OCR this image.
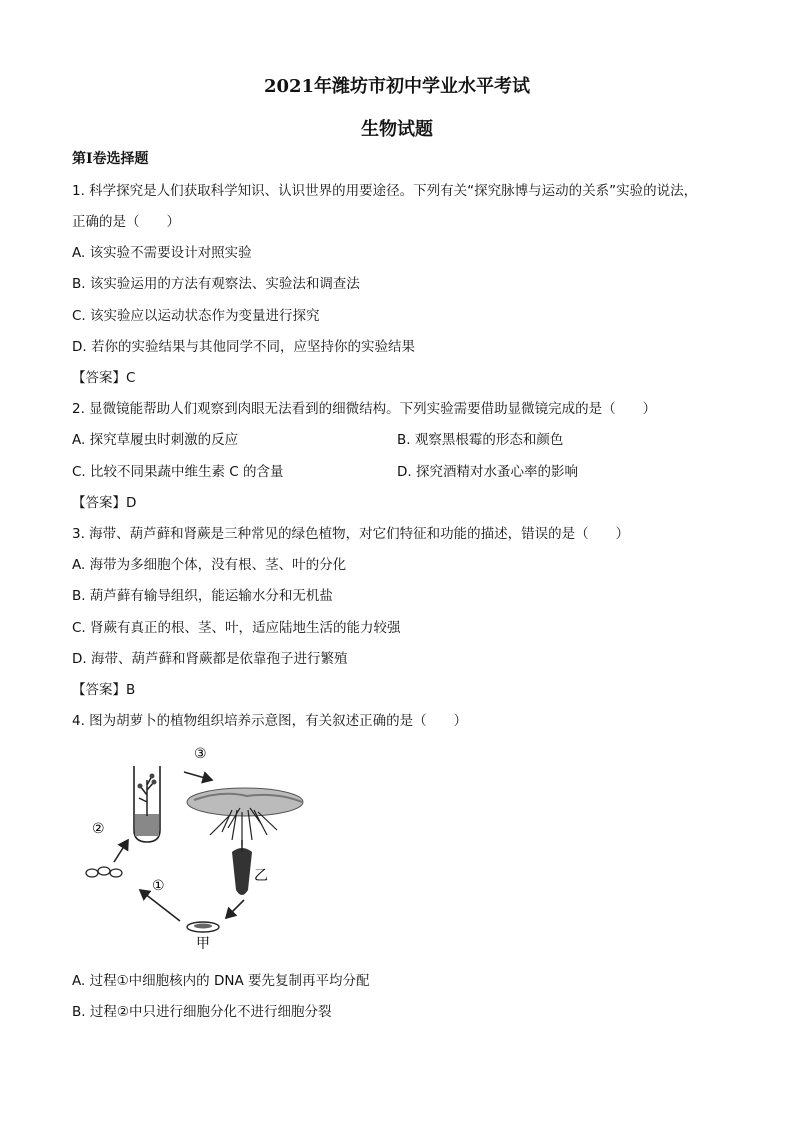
2021年潍坊市初中学业水平考试
生物试题
第I卷选择题
1. 科学探究是人们获取科学知识、认识世界的用要途径。下列有关“探究脉博与运动的关系”实验的说法，
正确的是（　　）
A. 该实验不需要设计对照实验
B. 该实验运用的方法有观察法、实验法和调查法
C. 该实验应以运动状态作为变量进行探究
D. 若你的实验结果与其他同学不同，应坚持你的实验结果
【答案】C
2. 显微镜能帮助人们观察到肉眼无法看到的细微结构。下列实验需要借助显微镜完成的是（　　）
A. 探究草履虫时刺激的反应	B. 观察黑根霉的形态和颜色
C. 比较不同果蔬中维生素 C 的含量	D. 探究酒精对水蚤心率的影响
【答案】D
3. 海带、葫芦藓和肾蕨是三种常见的绿色植物，对它们特征和功能的描述，错误的是（　　）
A. 海带为多细胞个体，没有根、茎、叶的分化
B. 葫芦藓有输导组织，能运输水分和无机盐
C. 肾蕨有真正的根、茎、叶，适应陆地生活的能力较强
D. 海带、葫芦藓和肾蕨都是依靠孢子进行繁殖
【答案】B
4. 图为胡萝卜的植物组织培养示意图，有关叙述正确的是（　　）
③
②
①
甲
乙
A. 过程①中细胞核内的 DNA 要先复制再平均分配
B. 过程②中只进行细胞分化不进行细胞分裂
